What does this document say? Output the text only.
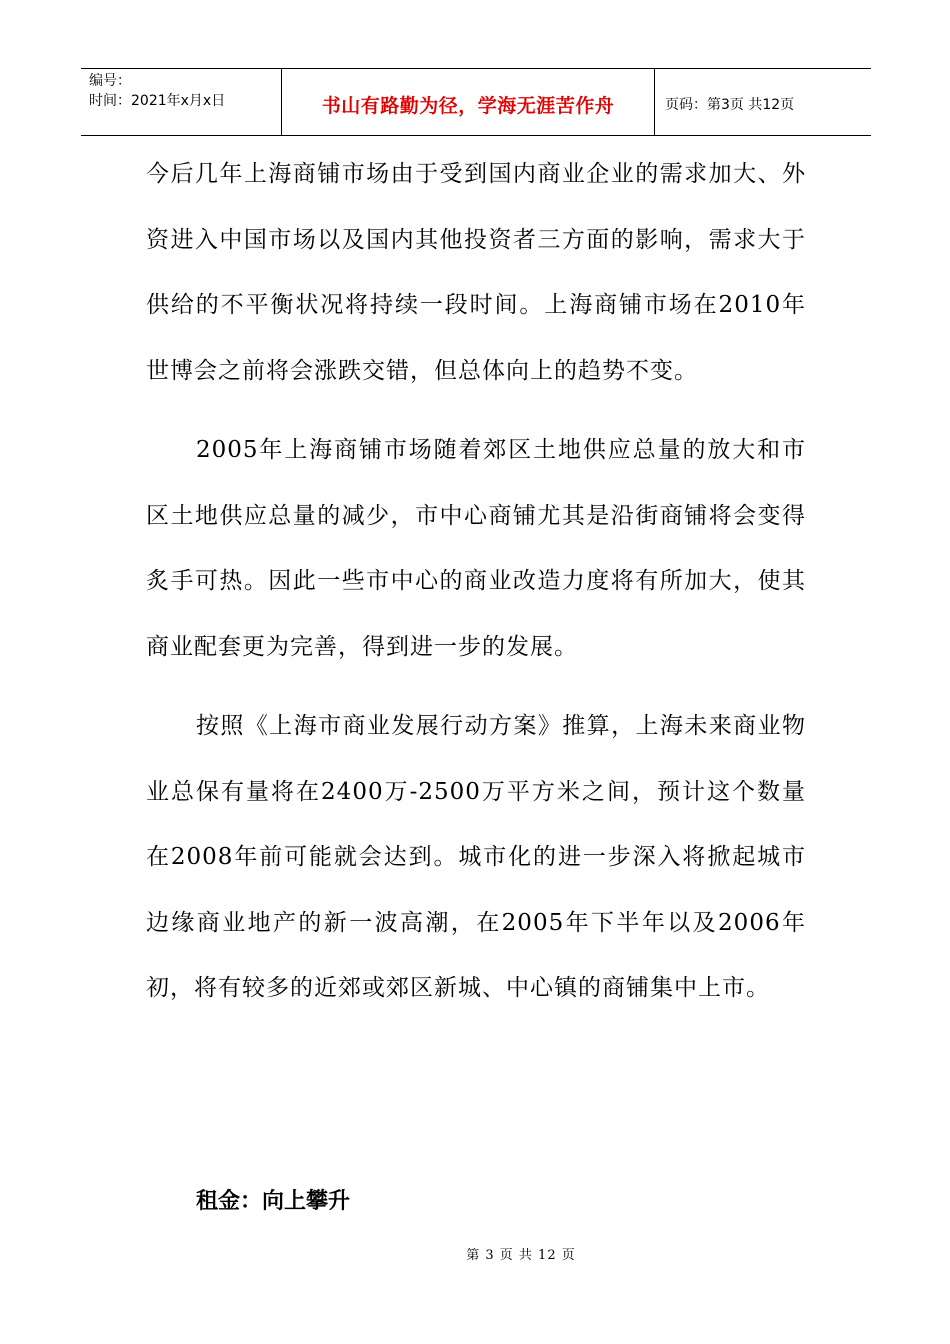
编号：
时间：2021年x月x日	书山有路勤为径，学海无涯苦作舟	页码：第3页 共12页

今后几年上海商铺市场由于受到国内商业企业的需求加大、外资进入中国市场以及国内其他投资者三方面的影响，需求大于供给的不平衡状况将持续一段时间。上海商铺市场在2010年世博会之前将会涨跌交错，但总体向上的趋势不变。

2005年上海商铺市场随着郊区土地供应总量的放大和市区土地供应总量的减少，市中心商铺尤其是沿街商铺将会变得炙手可热。因此一些市中心的商业改造力度将有所加大，使其商业配套更为完善，得到进一步的发展。

按照《上海市商业发展行动方案》推算，上海未来商业物业总保有量将在2400万-2500万平方米之间，预计这个数量在2008年前可能就会达到。城市化的进一步深入将掀起城市边缘商业地产的新一波高潮，在2005年下半年以及2006年初，将有较多的近郊或郊区新城、中心镇的商铺集中上市。

租金：向上攀升
第 3 页 共 12 页
